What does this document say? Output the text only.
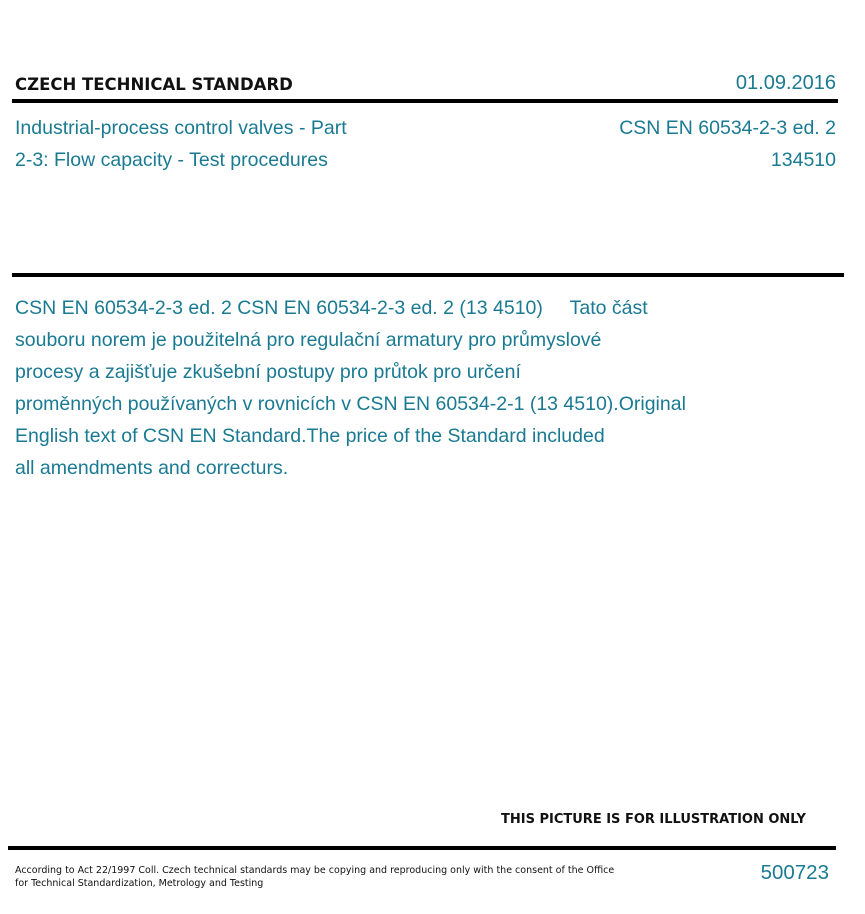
CZECH TECHNICAL STANDARD	01.09.2016
Industrial-process control valves - Part
2-3: Flow capacity - Test procedures
CSN EN 60534-2-3 ed. 2
134510
CSN EN 60534-2-3 ed. 2 CSN EN 60534-2-3 ed. 2 (13 4510)     Tato část
souboru norem je použitelná pro regulační armatury pro průmyslové
procesy a zajišťuje zkušební postupy pro průtok pro určení
proměnných používaných v rovnicích v CSN EN 60534-2-1 (13 4510).Original
English text of CSN EN Standard.The price of the Standard included
all amendments and correcturs.
THIS PICTURE IS FOR ILLUSTRATION ONLY
According to Act 22/1997 Coll. Czech technical standards may be copying and reproducing only with the consent of the Office
for Technical Standardization, Metrology and Testing	500723
